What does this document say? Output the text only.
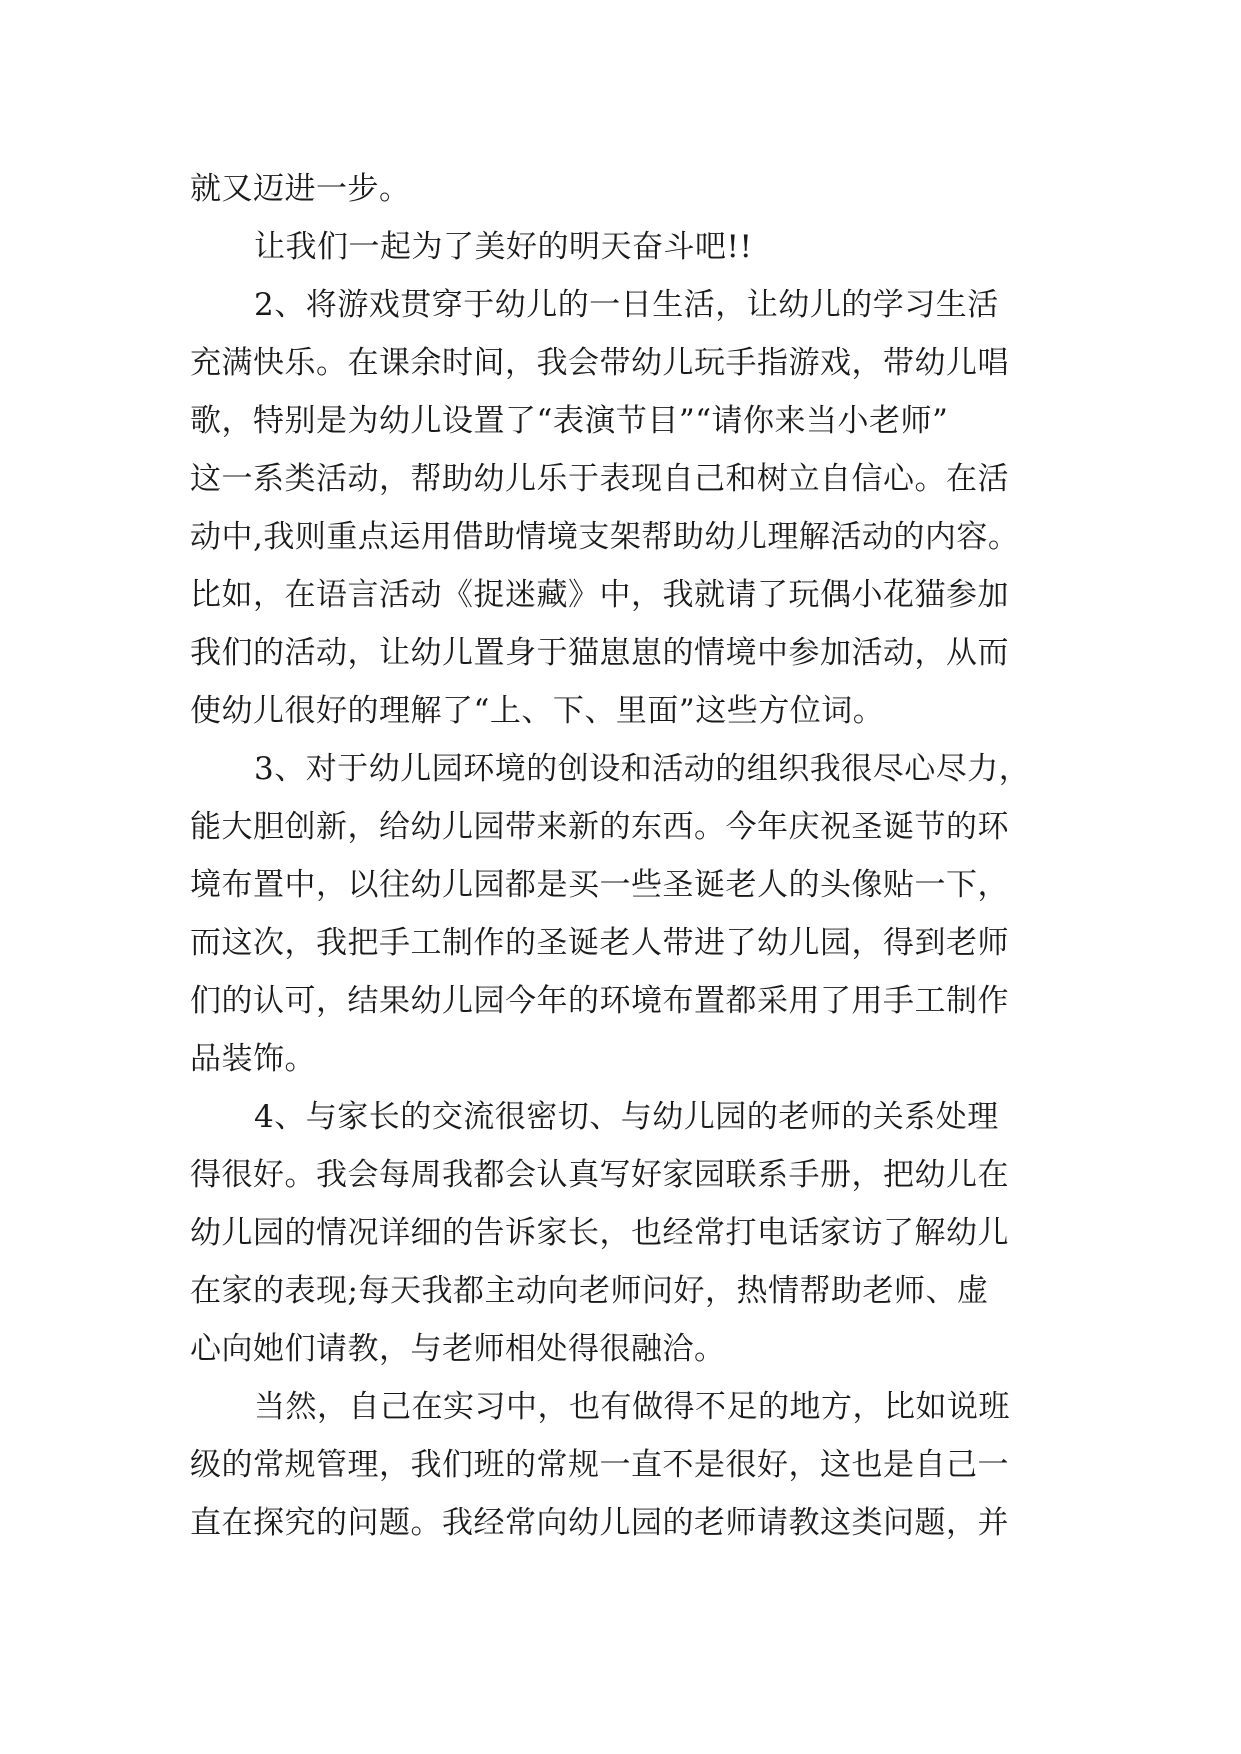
就又迈进一步。
让我们一起为了美好的明天奋斗吧!!
2、将游戏贯穿于幼儿的一日生活，让幼儿的学习生活
充满快乐。在课余时间，我会带幼儿玩手指游戏，带幼儿唱
歌，特别是为幼儿设置了“表演节目”“请你来当小老师”
这一系类活动，帮助幼儿乐于表现自己和树立自信心。在活
动中,我则重点运用借助情境支架帮助幼儿理解活动的内容。
比如，在语言活动《捉迷藏》中，我就请了玩偶小花猫参加
我们的活动，让幼儿置身于猫崽崽的情境中参加活动，从而
使幼儿很好的理解了“上、下、里面”这些方位词。
3、对于幼儿园环境的创设和活动的组织我很尽心尽力，
能大胆创新，给幼儿园带来新的东西。今年庆祝圣诞节的环
境布置中，以往幼儿园都是买一些圣诞老人的头像贴一下，
而这次，我把手工制作的圣诞老人带进了幼儿园，得到老师
们的认可，结果幼儿园今年的环境布置都采用了用手工制作
品装饰。
4、与家长的交流很密切、与幼儿园的老师的关系处理
得很好。我会每周我都会认真写好家园联系手册，把幼儿在
幼儿园的情况详细的告诉家长，也经常打电话家访了解幼儿
在家的表现;每天我都主动向老师问好，热情帮助老师、虚
心向她们请教，与老师相处得很融洽。
当然，自己在实习中，也有做得不足的地方，比如说班
级的常规管理，我们班的常规一直不是很好，这也是自己一
直在探究的问题。我经常向幼儿园的老师请教这类问题，并
